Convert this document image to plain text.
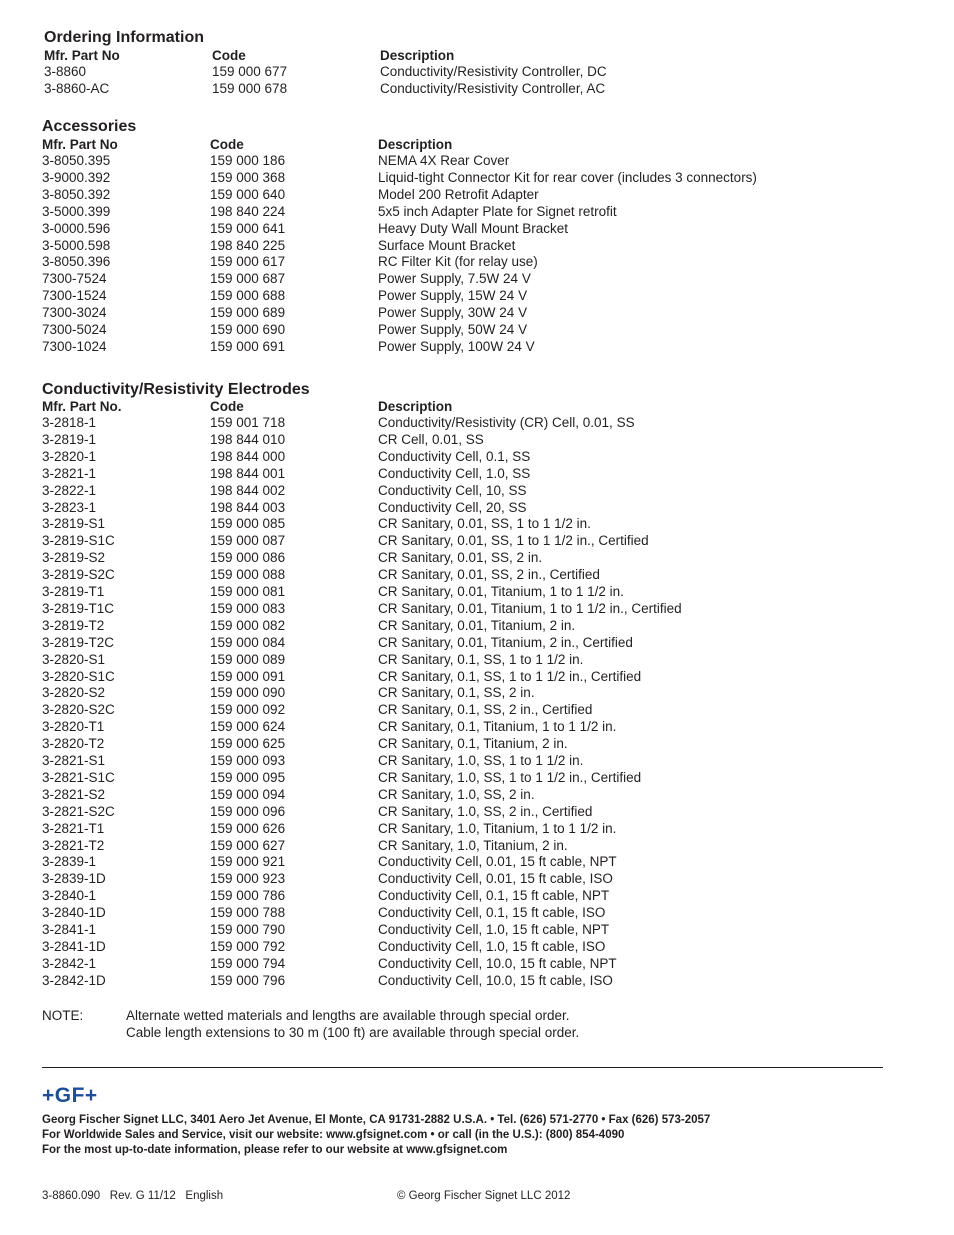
Ordering Information
Mfr. Part No	Code	Description
3-8860	159 000 677	Conductivity/Resistivity Controller, DC
3-8860-AC	159 000 678	Conductivity/Resistivity Controller, AC
Accessories
Mfr. Part No	Code	Description
3-8050.395	159 000 186	NEMA 4X Rear Cover
3-9000.392	159 000 368	Liquid-tight Connector Kit for rear cover (includes 3 connectors)
3-8050.392	159 000 640	Model 200 Retrofit Adapter
3-5000.399	198 840 224	5x5 inch Adapter Plate for Signet retrofit
3-0000.596	159 000 641	Heavy Duty Wall Mount Bracket
3-5000.598	198 840 225	Surface Mount Bracket
3-8050.396	159 000 617	RC Filter Kit (for relay use)
7300-7524	159 000 687	Power Supply, 7.5W 24 V
7300-1524	159 000 688	Power Supply, 15W 24 V
7300-3024	159 000 689	Power Supply, 30W 24 V
7300-5024	159 000 690	Power Supply, 50W 24 V
7300-1024	159 000 691	Power Supply, 100W 24 V
Conductivity/Resistivity Electrodes
Mfr. Part No.	Code	Description
3-2818-1	159 001 718	Conductivity/Resistivity (CR) Cell, 0.01, SS
3-2819-1	198 844 010	CR Cell, 0.01, SS
3-2820-1	198 844 000	Conductivity Cell, 0.1, SS
3-2821-1	198 844 001	Conductivity Cell, 1.0, SS
3-2822-1	198 844 002	Conductivity Cell, 10, SS
3-2823-1	198 844 003	Conductivity Cell, 20, SS
3-2819-S1	159 000 085	CR Sanitary, 0.01, SS, 1 to 1 1/2 in.
3-2819-S1C	159 000 087	CR Sanitary, 0.01, SS, 1 to 1 1/2 in., Certified
3-2819-S2	159 000 086	CR Sanitary, 0.01, SS, 2 in.
3-2819-S2C	159 000 088	CR Sanitary, 0.01, SS, 2 in., Certified
3-2819-T1	159 000 081	CR Sanitary, 0.01, Titanium, 1 to 1 1/2 in.
3-2819-T1C	159 000 083	CR Sanitary, 0.01, Titanium, 1 to 1 1/2 in., Certified
3-2819-T2	159 000 082	CR Sanitary, 0.01, Titanium, 2 in.
3-2819-T2C	159 000 084	CR Sanitary, 0.01, Titanium, 2 in., Certified
3-2820-S1	159 000 089	CR Sanitary, 0.1, SS, 1 to 1 1/2 in.
3-2820-S1C	159 000 091	CR Sanitary, 0.1, SS, 1 to 1 1/2 in., Certified
3-2820-S2	159 000 090	CR Sanitary, 0.1, SS, 2 in.
3-2820-S2C	159 000 092	CR Sanitary, 0.1, SS, 2 in., Certified
3-2820-T1	159 000 624	CR Sanitary, 0.1, Titanium, 1 to 1 1/2 in.
3-2820-T2	159 000 625	CR Sanitary, 0.1, Titanium, 2 in.
3-2821-S1	159 000 093	CR Sanitary, 1.0, SS, 1 to 1 1/2 in.
3-2821-S1C	159 000 095	CR Sanitary, 1.0, SS, 1 to 1 1/2 in., Certified
3-2821-S2	159 000 094	CR Sanitary, 1.0, SS, 2 in.
3-2821-S2C	159 000 096	CR Sanitary, 1.0, SS, 2 in., Certified
3-2821-T1	159 000 626	CR Sanitary, 1.0, Titanium, 1 to 1 1/2 in.
3-2821-T2	159 000 627	CR Sanitary, 1.0, Titanium, 2 in.
3-2839-1	159 000 921	Conductivity Cell, 0.01, 15 ft cable, NPT
3-2839-1D	159 000 923	Conductivity Cell, 0.01, 15 ft cable, ISO
3-2840-1	159 000 786	Conductivity Cell, 0.1, 15 ft cable, NPT
3-2840-1D	159 000 788	Conductivity Cell, 0.1, 15 ft cable, ISO
3-2841-1	159 000 790	Conductivity Cell, 1.0, 15 ft cable, NPT
3-2841-1D	159 000 792	Conductivity Cell, 1.0, 15 ft cable, ISO
3-2842-1	159 000 794	Conductivity Cell, 10.0, 15 ft cable, NPT
3-2842-1D	159 000 796	Conductivity Cell, 10.0, 15 ft cable, ISO
NOTE:	Alternate wetted materials and lengths are available through special order.
Cable length extensions to 30 m (100 ft) are available through special order.
+GF+
Georg Fischer Signet LLC, 3401 Aero Jet Avenue, El Monte, CA 91731-2882 U.S.A. • Tel. (626) 571-2770 • Fax (626) 573-2057
For Worldwide Sales and Service, visit our website: www.gfsignet.com • or call (in the U.S.): (800) 854-4090
For the most up-to-date information, please refer to our website at www.gfsignet.com
3-8860.090   Rev. G 11/12   English	© Georg Fischer Signet LLC 2012
